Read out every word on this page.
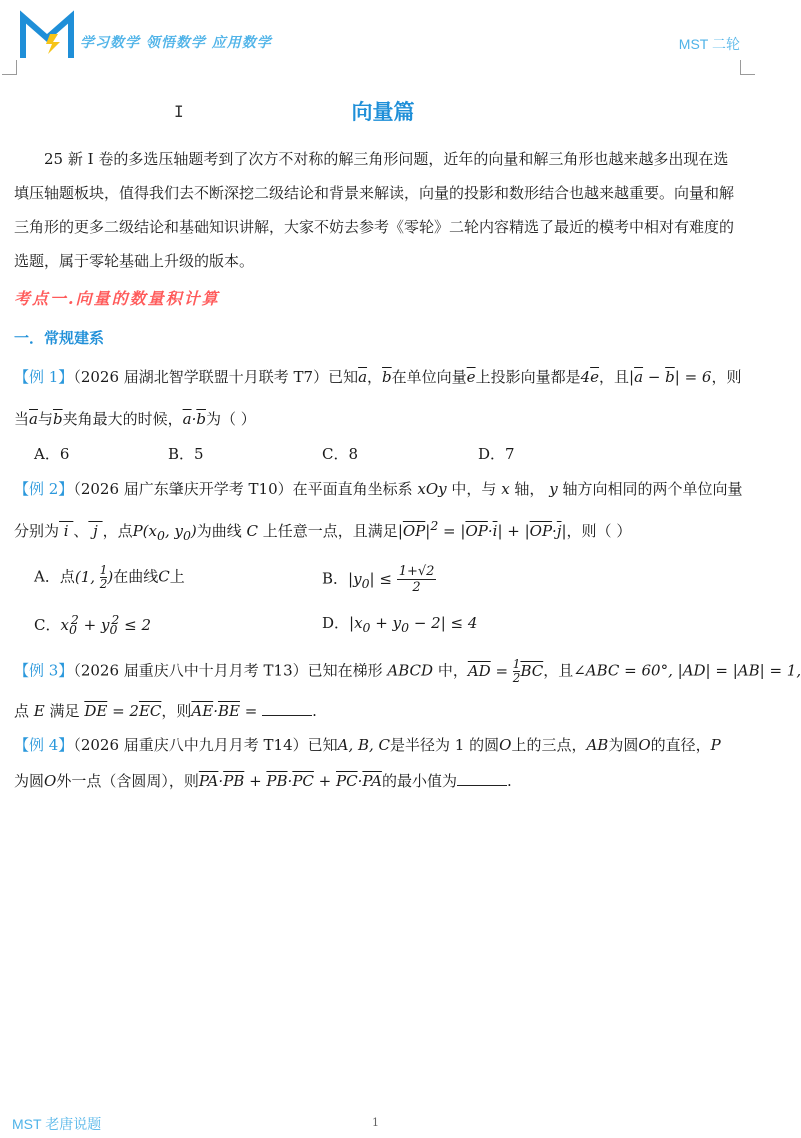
学习数学 领悟数学 应用数学	MST 二轮
I	向量篇
25 新 I 卷的多选压轴题考到了次方不对称的解三角形问题，近年的向量和解三角形也越来越多出现在选填压轴题板块，值得我们去不断深挖二级结论和背景来解读，向量的投影和数形结合也越来越重要。向量和解三角形的更多二级结论和基础知识讲解，大家不妨去参考《零轮》二轮内容精选了最近的模考中相对有难度的选题，属于零轮基础上升级的版本。
考点一.向量的数量积计算
一．常规建系
【例 1】（2026 届湖北智学联盟十月联考 T7）已知$\overline{a}$，$\overline{b}$在单位向量$\overline{e}$上投影向量都是$4\overline{e}$，且$|\overline{a} - \overline{b}| = 6$，则
当$\overline{a}$与$\overline{b}$夹角最大的时候，$\overline{a}\cdot\overline{b}$为（ ）
A．6	B．5	C．8	D．7
【例 2】（2026 届广东肇庆开学考 T10）在平面直角坐标系 xOy 中，与 x 轴， y 轴方向相同的两个单位向量
分别为 i 、 j ，点$P(x_0$, $y_0$)为曲线 C 上任意一点，且满足$|\overline{OP}|^2 = |\overline{OP}\cdot\overline{i}| + |\overline{OP}\cdot\overline{j}|$，则（ ）
A．点(1, $\frac{1}{2}$ )在曲线C上	B．$|y_0| \le \frac{1+√2}{2}$
C．$x_0^2 + y_0^2 \le 2$	D．$|x_0 + y_0 - 2| \le 4$
【例 3】（2026 届重庆八中十月月考 T13）已知在梯形 ABCD 中，$\overline{AD} = \frac{1}{2} \overline{BC}$，且∠ABC = 60°, |AD| = |AB| = 1,
点 E 满足 $\overline{DE} = 2\overline{EC}$，则$\overline{AE}\cdot\overline{BE}$ =	.
【例 4】（2026 届重庆八中九月月考 T14）已知A, B, C是半径为 1 的圆O上的三点，AB为圆O的直径，P
为圆O外一点（含圆周），则$\overline{PA}\cdot\overline{PB} + \overline{PB}\cdot\overline{PC} + \overline{PC}\cdot\overline{PA}$的最小值为	.
MST 老唐说题	1
